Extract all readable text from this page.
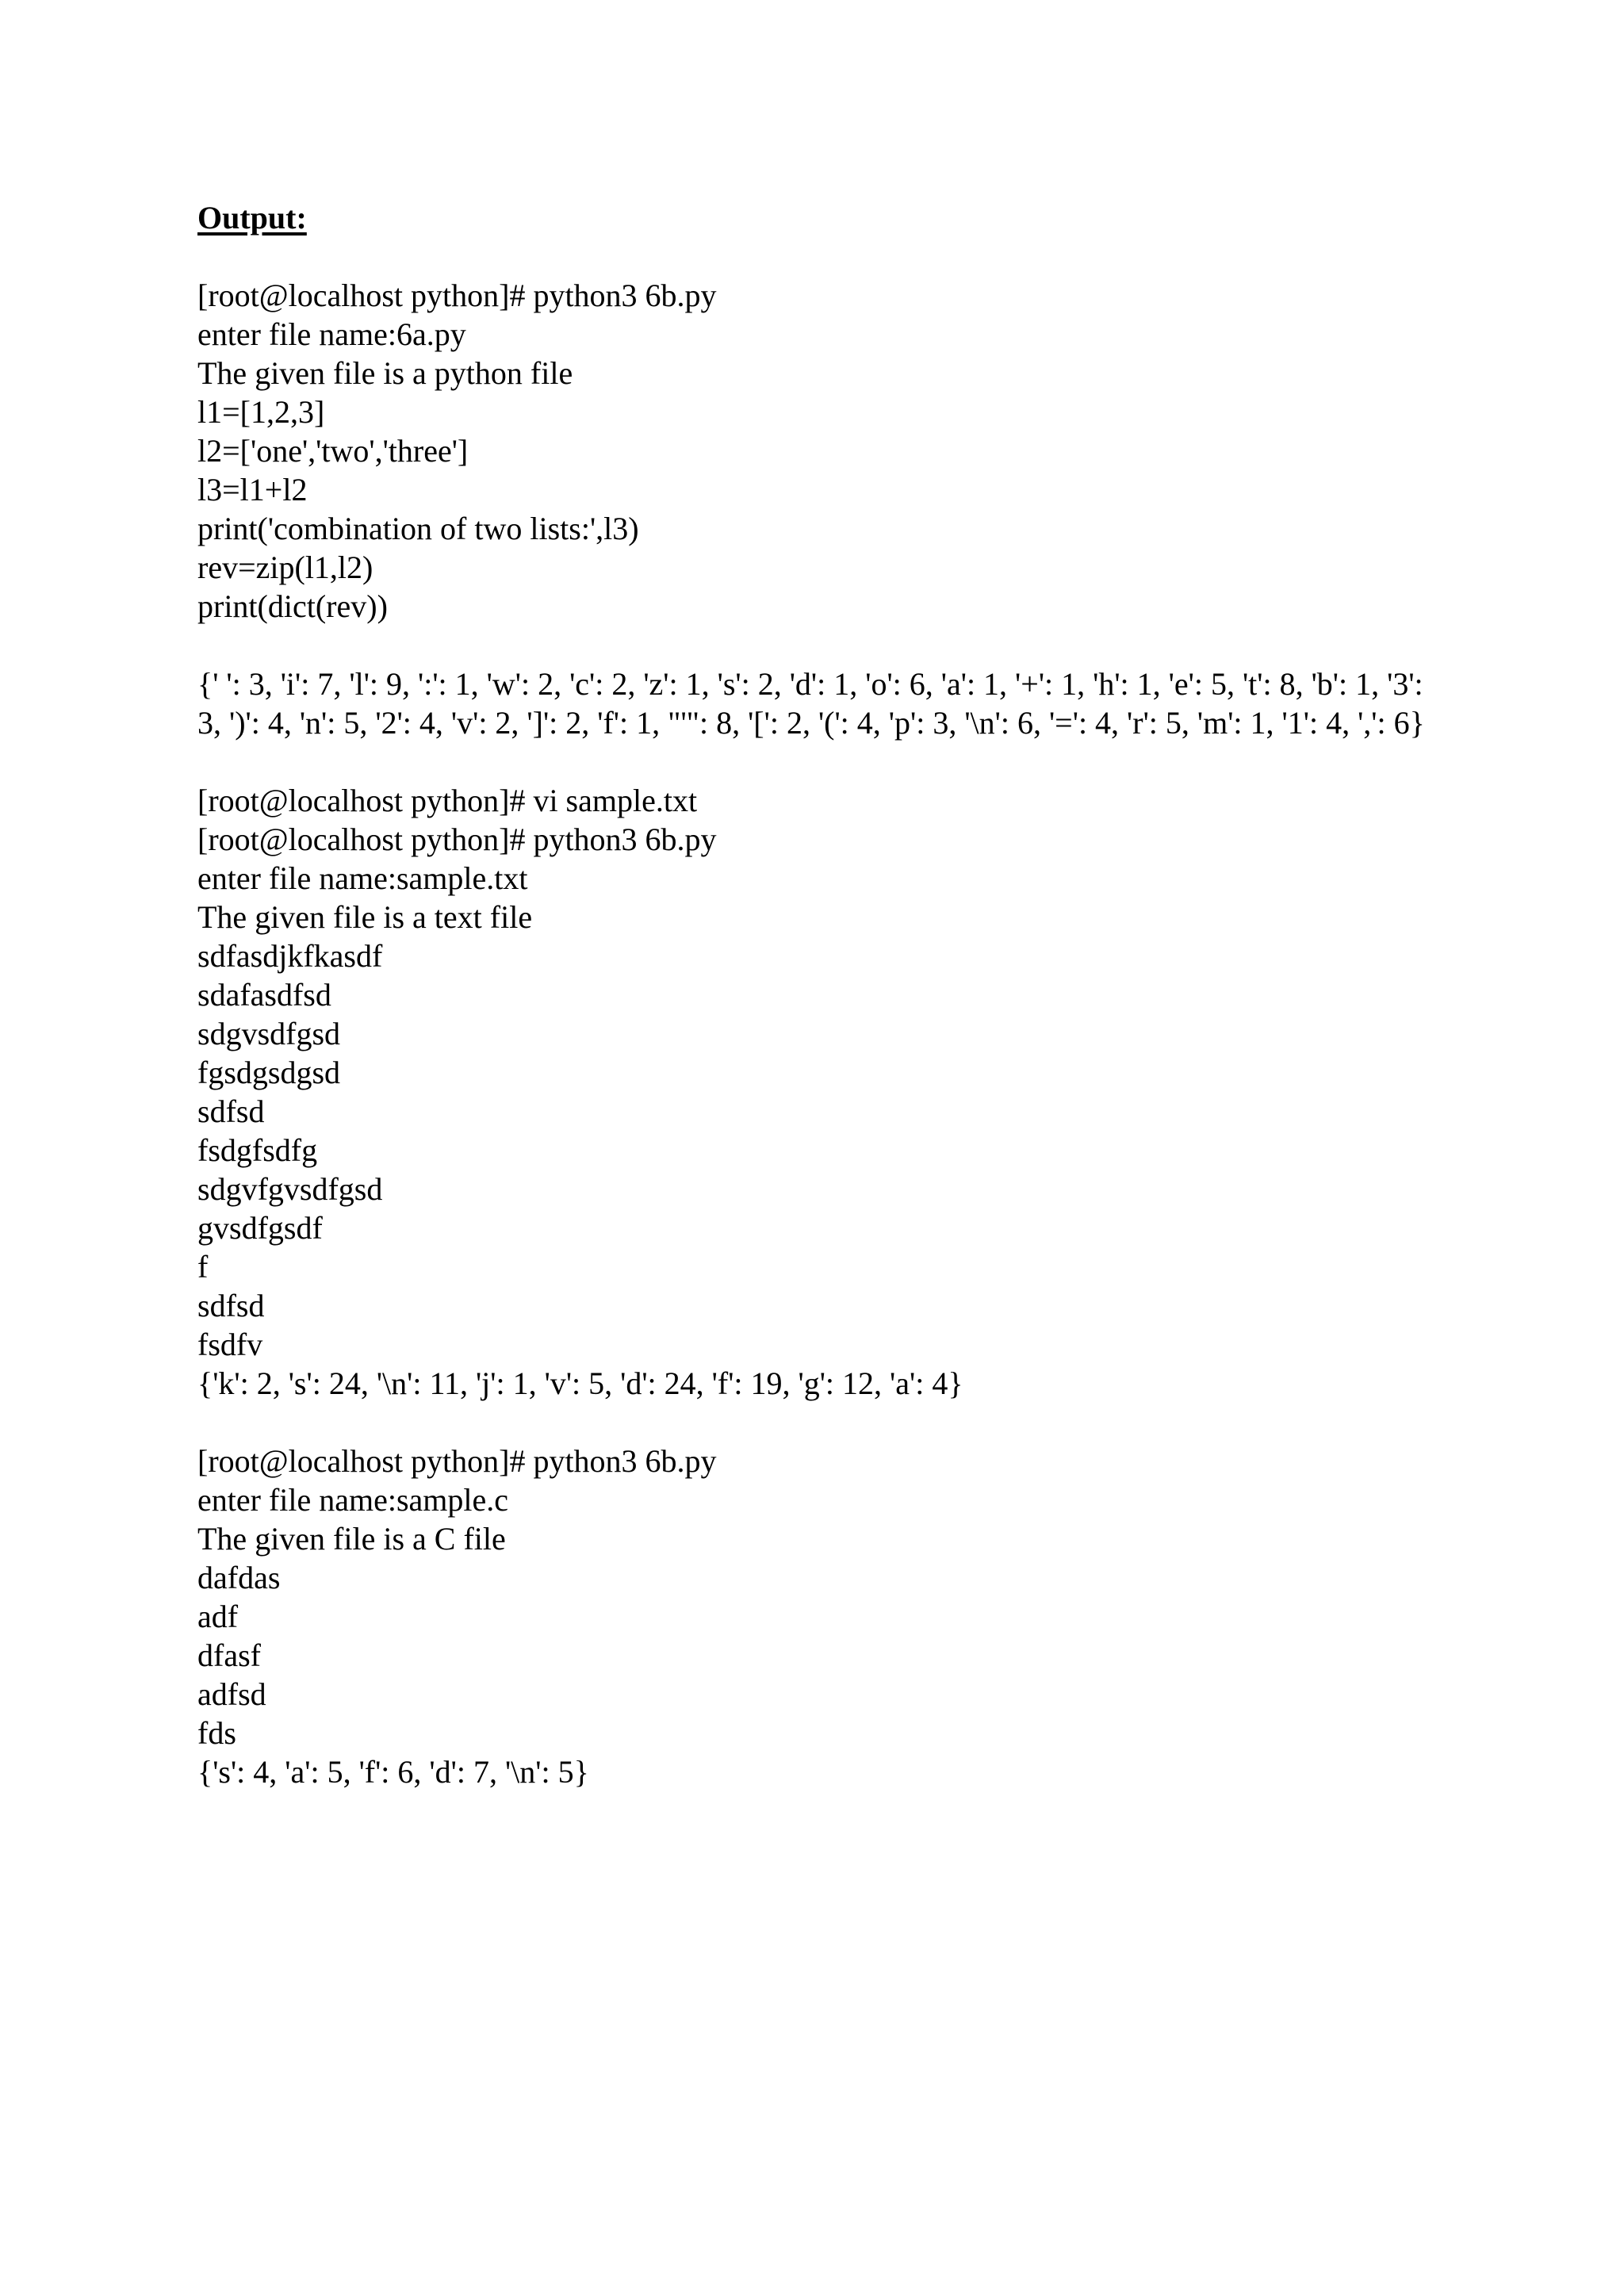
Output:

[root@localhost python]# python3 6b.py
enter file name:6a.py
The given file is a python file
l1=[1,2,3]
l2=['one','two','three']
l3=l1+l2
print('combination of two lists:',l3)
rev=zip(l1,l2)
print(dict(rev))
{' ': 3, 'i': 7, 'l': 9, ':': 1, 'w': 2, 'c': 2, 'z': 1, 's': 2, 'd': 1, 'o': 6, 'a': 1, '+': 1, 'h': 1, 'e': 5, 't': 8, 'b': 1, '3': 3, ')': 4, 'n': 5, '2': 4, 'v': 2, ']': 2, 'f': 1, "'": 8, '[': 2, '(': 4, 'p': 3, '\n': 6, '=': 4, 'r': 5, 'm': 1, '1': 4, ',': 6}
[root@localhost python]# vi sample.txt
[root@localhost python]# python3 6b.py
enter file name:sample.txt
The given file is a text file
sdfasdjkfkasdf
sdafasdfsd
sdgvsdfgsd
fgsdgsdgsd
sdfsd
fsdgfsdfg
sdgvfgvsdfgsd
gvsdfgsdf
f
sdfsd
fsdfv
{'k': 2, 's': 24, '\n': 11, 'j': 1, 'v': 5, 'd': 24, 'f': 19, 'g': 12, 'a': 4}
[root@localhost python]# python3 6b.py
enter file name:sample.c
The given file is a C file
dafdas
adf
dfasf
adfsd
fds
{'s': 4, 'a': 5, 'f': 6, 'd': 7, '\n': 5}
